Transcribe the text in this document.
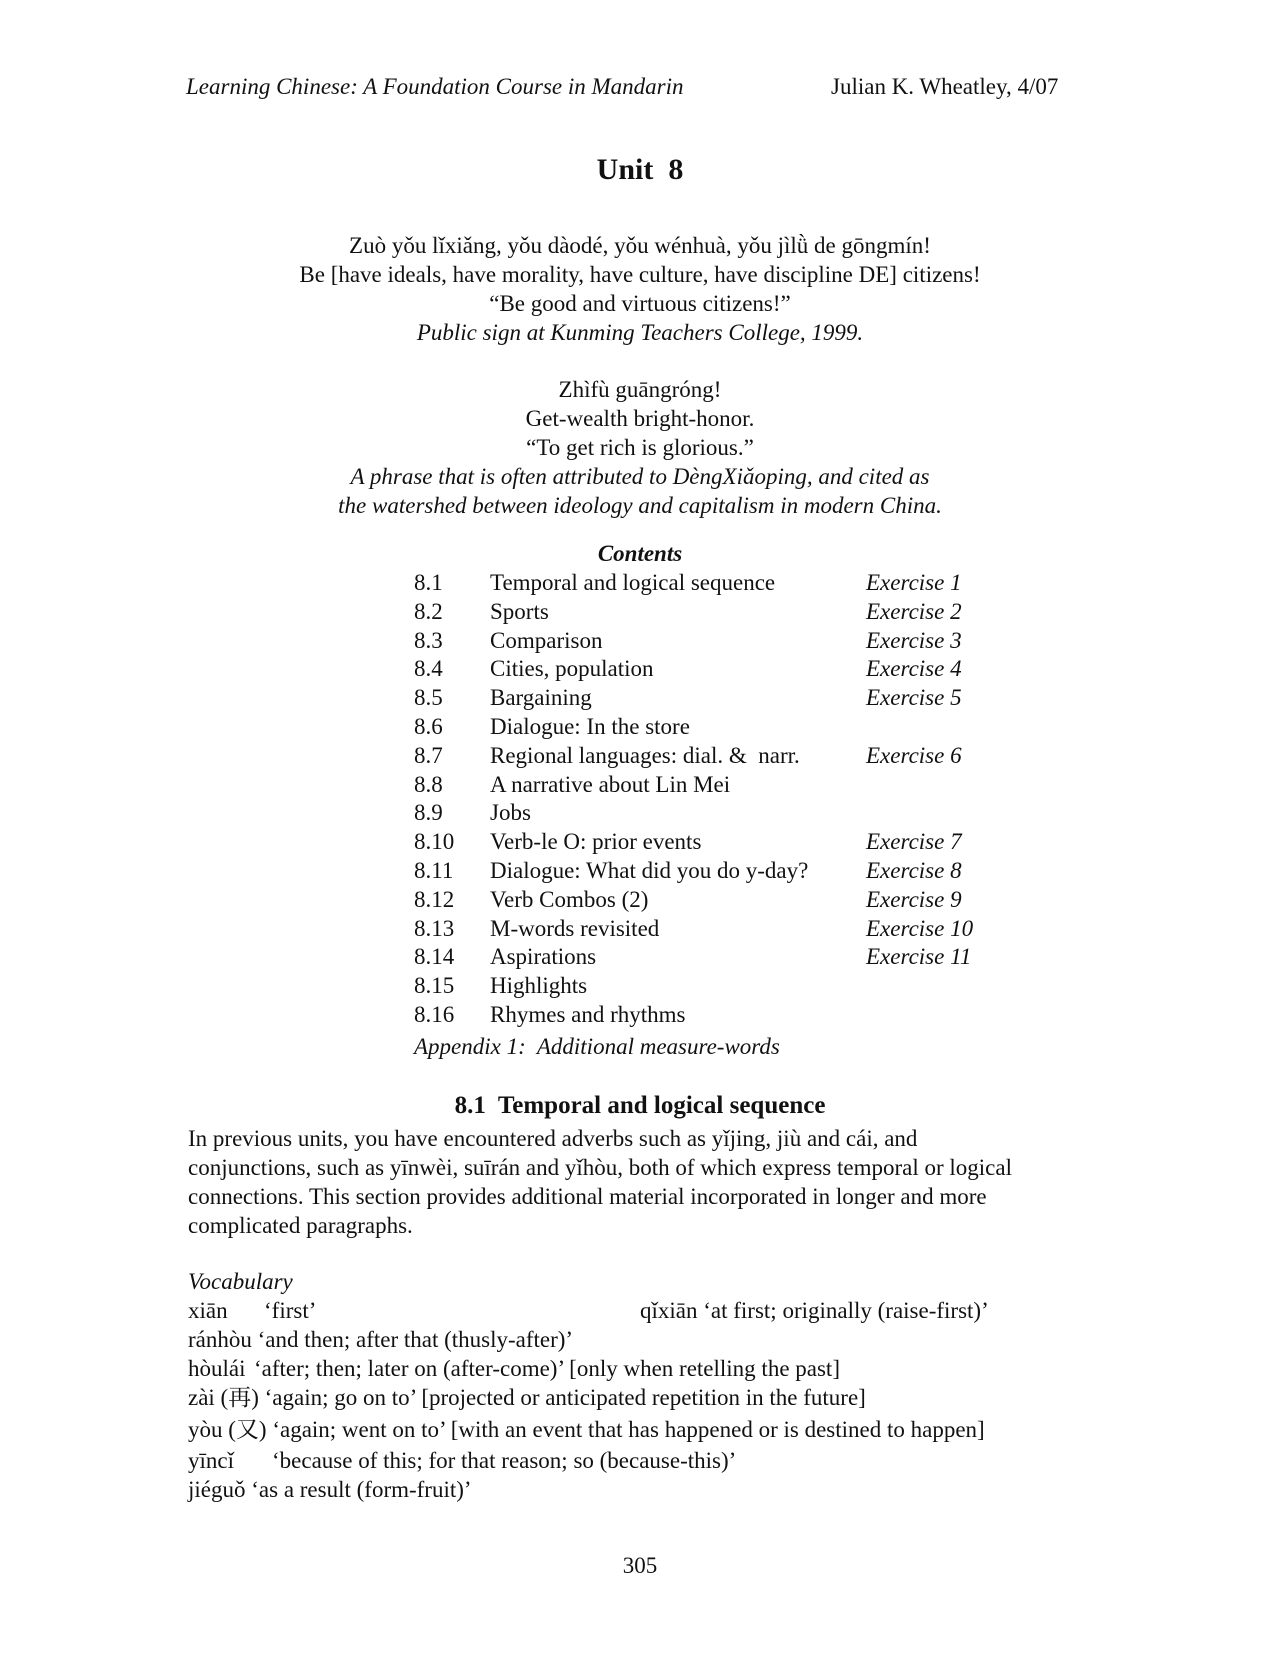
Learning Chinese: A Foundation Course in Mandarin	Julian K. Wheatley, 4/07
Unit  8
Zuò yǒu lǐxiǎng, yǒu dàodé, yǒu wénhuà, yǒu jìlǜ de gōngmín!
Be [have ideals, have morality, have culture, have discipline DE] citizens!
“Be good and virtuous citizens!”
Public sign at Kunming Teachers College, 1999.
Zhìfù guāngróng!
Get-wealth bright-honor.
“To get rich is glorious.”
A phrase that is often attributed to DèngXiǎoping, and cited as
the watershed between ideology and capitalism in modern China.
Contents
8.1 Temporal and logical sequence	Exercise 1
8.2 Sports	Exercise 2
8.3 Comparison	Exercise 3
8.4 Cities, population	Exercise 4
8.5 Bargaining	Exercise 5
8.6 Dialogue: In the store
8.7 Regional languages: dial. &  narr.	Exercise 6
8.8 A narrative about Lin Mei
8.9 Jobs
8.10 Verb-le O: prior events	Exercise 7
8.11 Dialogue: What did you do y-day?	Exercise 8
8.12 Verb Combos (2)	Exercise 9
8.13 M-words revisited	Exercise 10
8.14 Aspirations	Exercise 11
8.15 Highlights
8.16 Rhymes and rhythms
Appendix 1:  Additional measure-words
8.1  Temporal and logical sequence
In previous units, you have encountered adverbs such as yǐjing, jiù and cái, and
conjunctions, such as yīnwèi, suīrán and yǐhòu, both of which express temporal or logical
connections. This section provides additional material incorporated in longer and more
complicated paragraphs.
Vocabulary
xiān ‘first’	qǐxiān ‘at first; originally (raise-first)’
ránhòu ‘and then; after that (thusly-after)’
hòulái ‘after; then; later on (after-come)’ [only when retelling the past]
zài (再) ‘again; go on to’ [projected or anticipated repetition in the future]
yòu (又) ‘again; went on to’ [with an event that has happened or is destined to happen]
yīncǐ ‘because of this; for that reason; so (because-this)’
jiéguǒ ‘as a result (form-fruit)’
305
